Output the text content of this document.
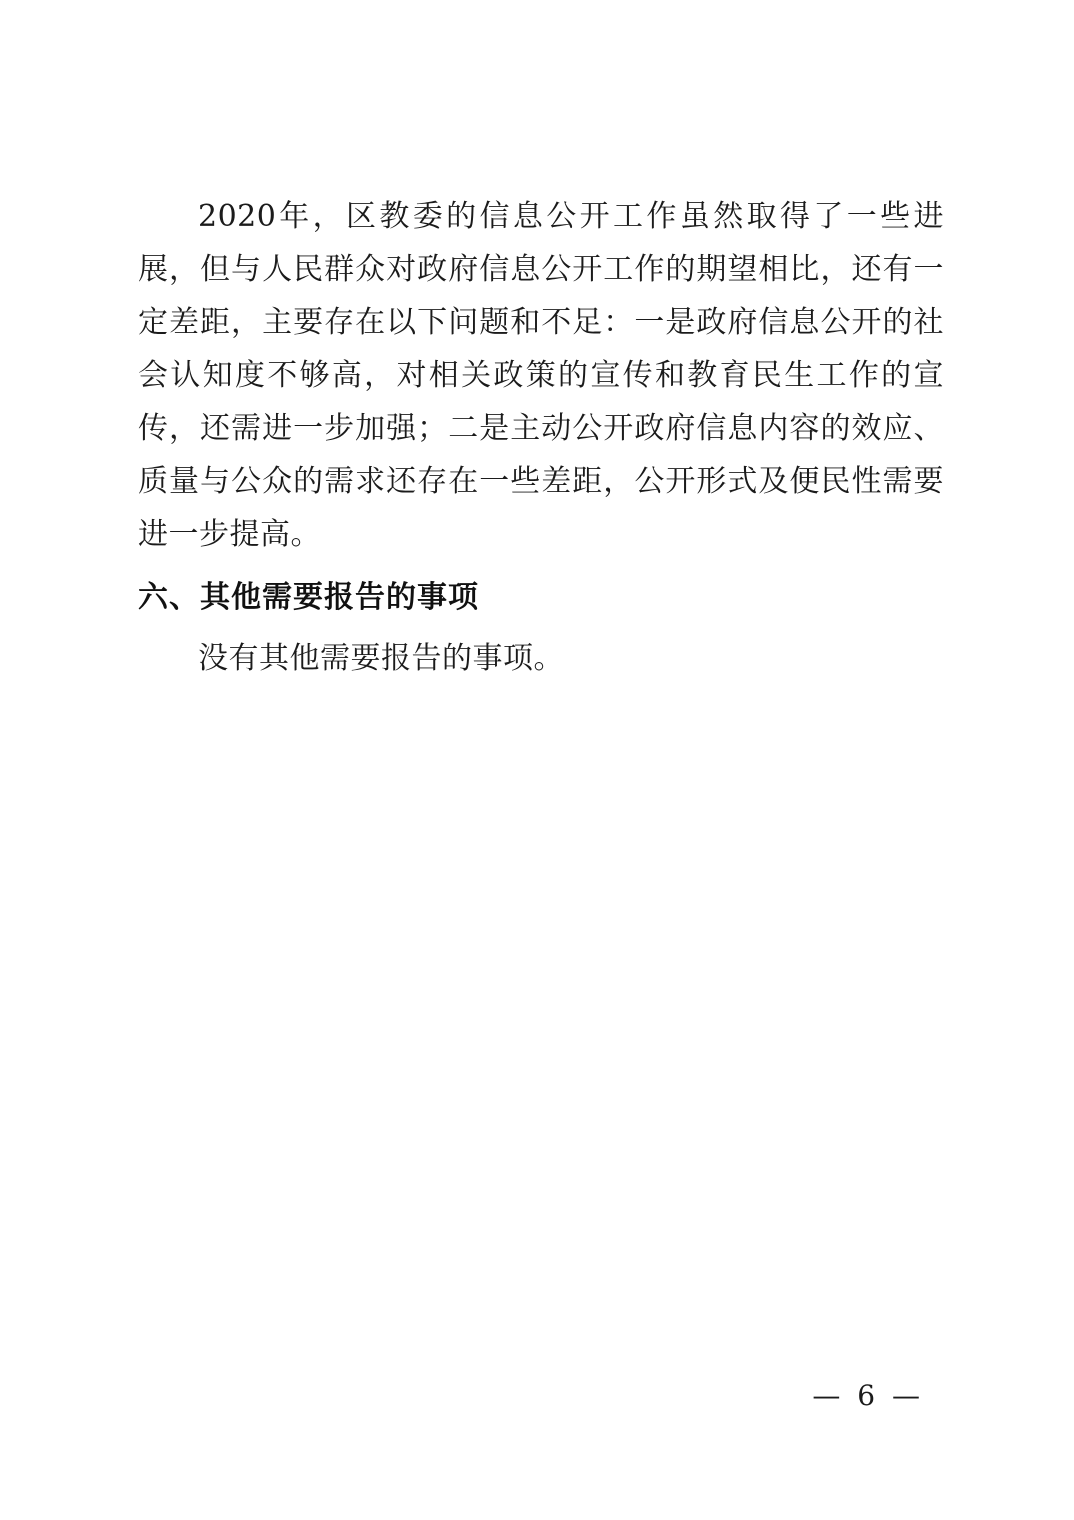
2020年，区教委的信息公开工作虽然取得了一些进展，但与人民群众对政府信息公开工作的期望相比，还有一定差距，主要存在以下问题和不足：一是政府信息公开的社会认知度不够高，对相关政策的宣传和教育民生工作的宣传，还需进一步加强；二是主动公开政府信息内容的效应、质量与公众的需求还存在一些差距，公开形式及便民性需要进一步提高。

六、其他需要报告的事项

没有其他需要报告的事项。

— 6 —
